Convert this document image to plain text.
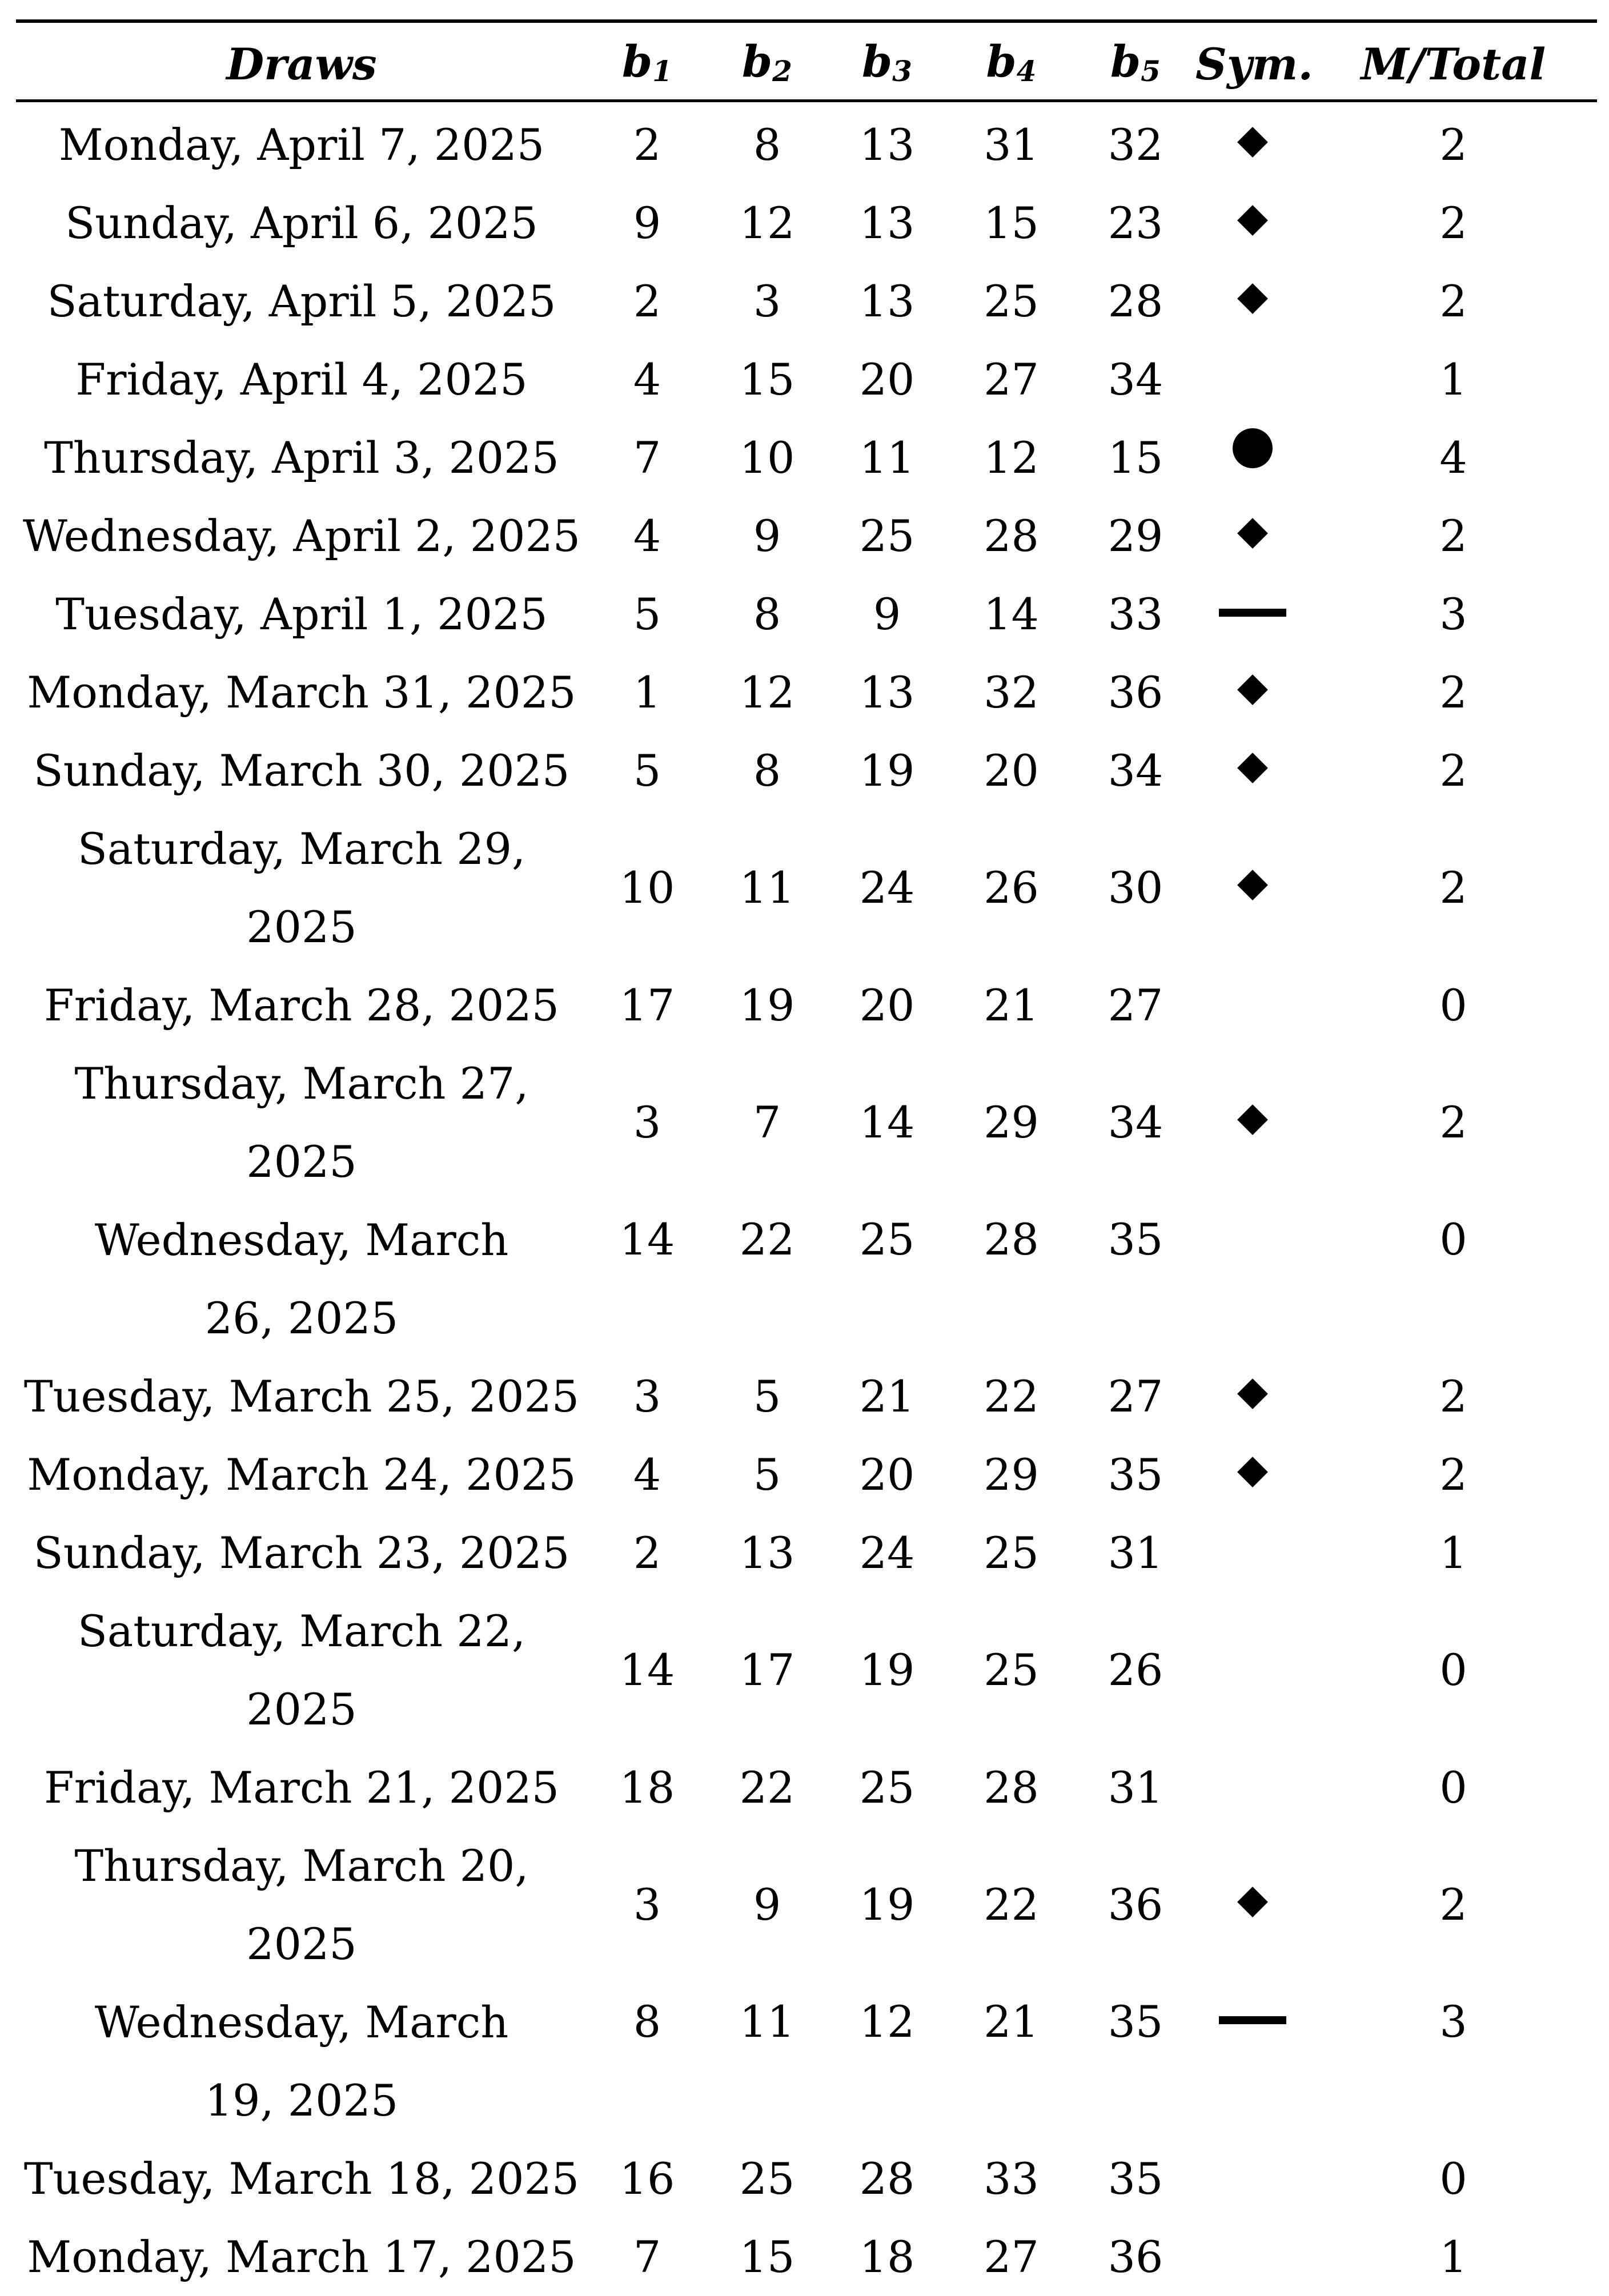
Draws	$b_1$	$b_2$	$b_3$	$b_4$	$b_5$	Sym.	M/Total
Monday, April 7, 2025	2	8	13	31	32		2
Sunday, April 6, 2025	9	12	13	15	23		2
Saturday, April 5, 2025	2	3	13	25	28		2
Friday, April 4, 2025	4	15	20	27	34		1
Thursday, April 3, 2025	7	10	11	12	15		4
Wednesday, April 2, 2025	4	9	25	28	29		2
Tuesday, April 1, 2025	5	8	9	14	33		3
Monday, March 31, 2025	1	12	13	32	36		2
Sunday, March 30, 2025	5	8	19	20	34		2
Saturday, March 29, 2025	10	11	24	26	30		2
Friday, March 28, 2025	17	19	20	21	27		0
Thursday, March 27, 2025	3	7	14	29	34		2
Wednesday, March 26, 2025	14	22	25	28	35		0
Tuesday, March 25, 2025	3	5	21	22	27		2
Monday, March 24, 2025	4	5	20	29	35		2
Sunday, March 23, 2025	2	13	24	25	31		1
Saturday, March 22, 2025	14	17	19	25	26		0
Friday, March 21, 2025	18	22	25	28	31		0
Thursday, March 20, 2025	3	9	19	22	36		2
Wednesday, March 19, 2025	8	11	12	21	35		3
Tuesday, March 18, 2025	16	25	28	33	35		0
Monday, March 17, 2025	7	15	18	27	36		1
